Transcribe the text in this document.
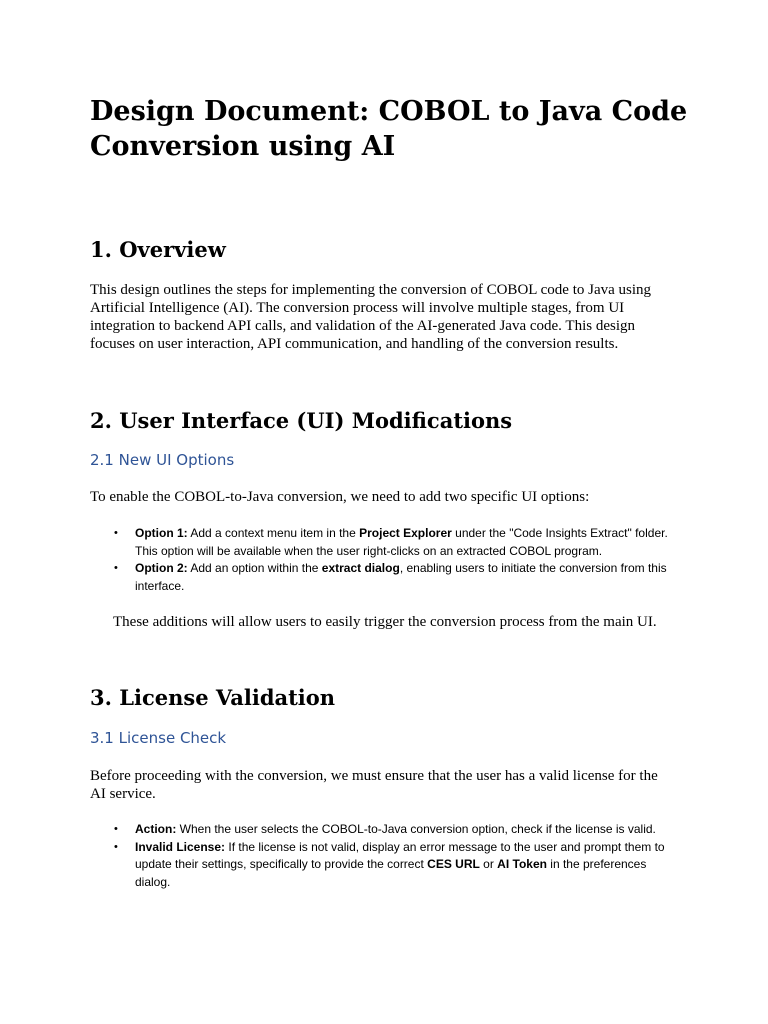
Design Document: COBOL to Java Code Conversion using AI
1. Overview

This design outlines the steps for implementing the conversion of COBOL code to Java using Artificial Intelligence (AI). The conversion process will involve multiple stages, from UI integration to backend API calls, and validation of the AI-generated Java code. This design focuses on user interaction, API communication, and handling of the conversion results.

2. User Interface (UI) Modifications
2.1 New UI Options

To enable the COBOL-to-Java conversion, we need to add two specific UI options:

• Option 1: Add a context menu item in the Project Explorer under the "Code Insights Extract" folder. This option will be available when the user right-clicks on an extracted COBOL program.
• Option 2: Add an option within the extract dialog, enabling users to initiate the conversion from this interface.

These additions will allow users to easily trigger the conversion process from the main UI.

3. License Validation
3.1 License Check

Before proceeding with the conversion, we must ensure that the user has a valid license for the AI service.

• Action: When the user selects the COBOL-to-Java conversion option, check if the license is valid.
• Invalid License: If the license is not valid, display an error message to the user and prompt them to update their settings, specifically to provide the correct CES URL or AI Token in the preferences dialog.
